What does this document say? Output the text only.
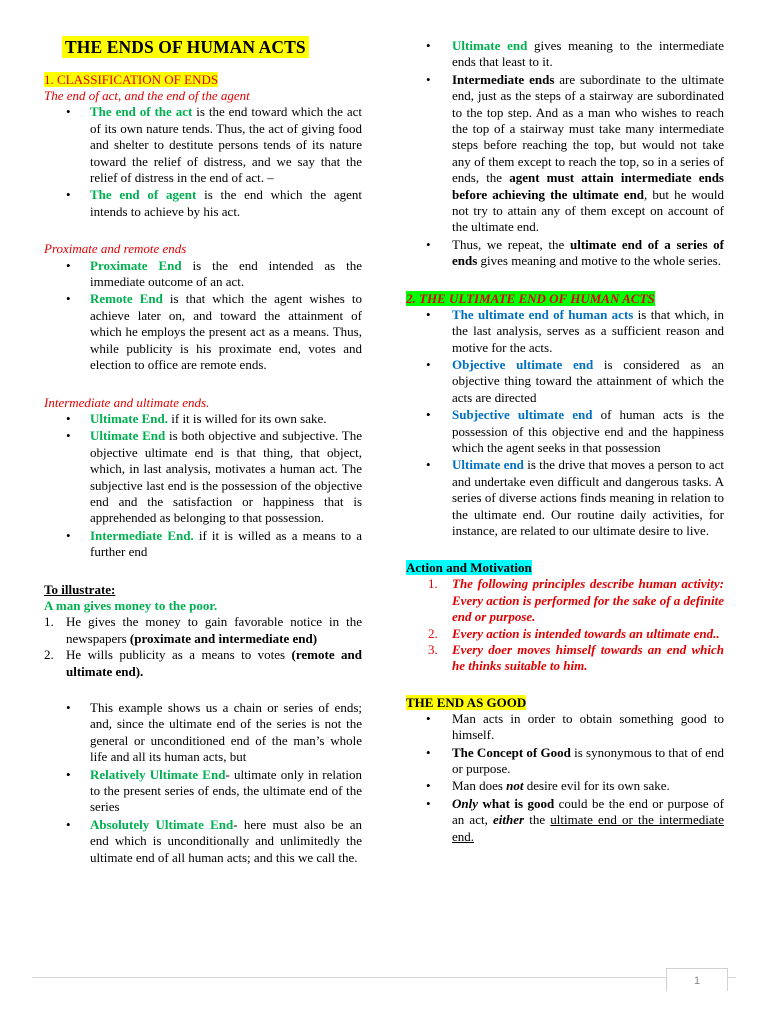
THE ENDS OF HUMAN ACTS
1. CLASSIFICATION OF ENDS
The end of act, and the end of the agent
• The end of the act is the end toward which the act of its own nature tends. Thus, the act of giving food and shelter to destitute persons tends of its nature toward the relief of distress, and we say that the relief of distress in the end of act. –
• The end of agent is the end which the agent intends to achieve by his act.
Proximate and remote ends
• Proximate End is the end intended as the immediate outcome of an act.
• Remote End is that which the agent wishes to achieve later on, and toward the attainment of which he employs the present act as a means. Thus, while publicity is his proximate end, votes and election to office are remote ends.
Intermediate and ultimate ends.
• Ultimate End. if it is willed for its own sake.
• Ultimate End is both objective and subjective. The objective ultimate end is that thing, that object, which, in last analysis, motivates a human act. The subjective last end is the possession of the objective end and the satisfaction or happiness that is apprehended as belonging to that possession.
• Intermediate End. if it is willed as a means to a further end
To illustrate:
A man gives money to the poor.
1. He gives the money to gain favorable notice in the newspapers (proximate and intermediate end)
2. He wills publicity as a means to votes (remote and ultimate end).
• This example shows us a chain or series of ends; and, since the ultimate end of the series is not the general or unconditioned end of the man’s whole life and all its human acts, but
• Relatively Ultimate End- ultimate only in relation to the present series of ends, the ultimate end of the series
• Absolutely Ultimate End- here must also be an end which is unconditionally and unlimitedly the ultimate end of all human acts; and this we call the.
• Ultimate end gives meaning to the intermediate ends that least to it.
• Intermediate ends are subordinate to the ultimate end, just as the steps of a stairway are subordinated to the top step. And as a man who wishes to reach the top of a stairway must take many intermediate steps before reaching the top, but would not take any of them except to reach the top, so in a series of ends, the agent must attain intermediate ends before achieving the ultimate end, but he would not try to attain any of them except on account of the ultimate end.
• Thus, we repeat, the ultimate end of a series of ends gives meaning and motive to the whole series.
2. THE ULTIMATE END OF HUMAN ACTS
• The ultimate end of human acts is that which, in the last analysis, serves as a sufficient reason and motive for the acts.
• Objective ultimate end is considered as an objective thing toward the attainment of which the acts are directed
• Subjective ultimate end of human acts is the possession of this objective end and the happiness which the agent seeks in that possession
• Ultimate end is the drive that moves a person to act and undertake even difficult and dangerous tasks. A series of diverse actions finds meaning in relation to the ultimate end. Our routine daily activities, for instance, are related to our ultimate desire to live.
Action and Motivation
1. The following principles describe human activity: Every action is performed for the sake of a definite end or purpose.
2. Every action is intended towards an ultimate end..
3. Every doer moves himself towards an end which he thinks suitable to him.
THE END AS GOOD
• Man acts in order to obtain something good to himself.
• The Concept of Good is synonymous to that of end or purpose.
• Man does not desire evil for its own sake.
• Only what is good could be the end or purpose of an act, either the ultimate end or the intermediate end.
1
